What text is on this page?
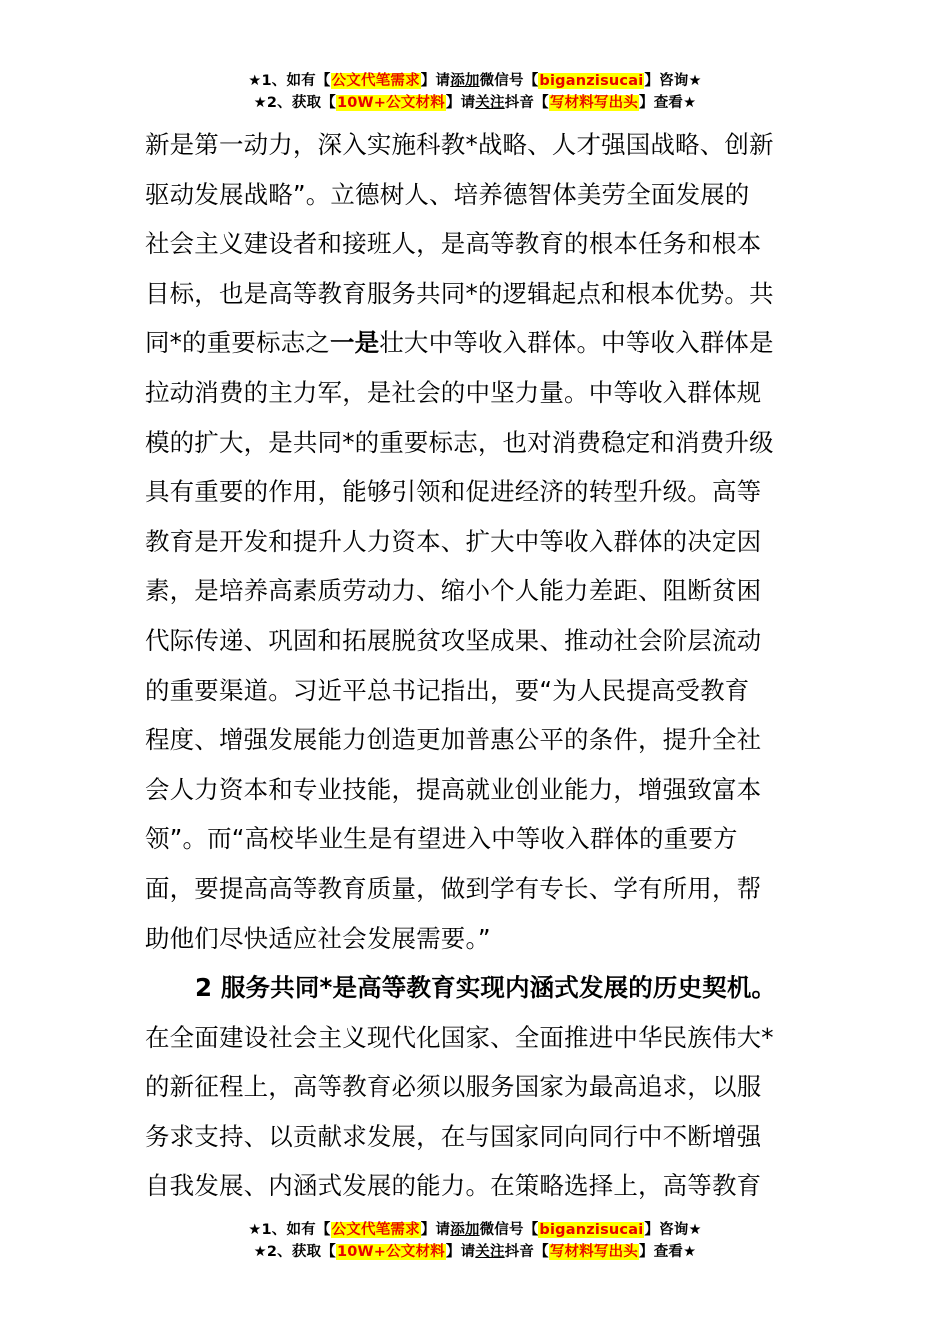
★1、如有【公文代笔需求】请添加微信号【biganzisucai】咨询★
★2、获取【10W+公文材料】请关注抖音【写材料写出头】查看★
新是第一动力，深入实施科教*战略、人才强国战略、创新
驱动发展战略”。立德树人、培养德智体美劳全面发展的
社会主义建设者和接班人，是高等教育的根本任务和根本
目标，也是高等教育服务共同*的逻辑起点和根本优势。共
同*的重要标志之一是壮大中等收入群体。中等收入群体是
拉动消费的主力军，是社会的中坚力量。中等收入群体规
模的扩大，是共同*的重要标志，也对消费稳定和消费升级
具有重要的作用，能够引领和促进经济的转型升级。高等
教育是开发和提升人力资本、扩大中等收入群体的决定因
素，是培养高素质劳动力、缩小个人能力差距、阻断贫困
代际传递、巩固和拓展脱贫攻坚成果、推动社会阶层流动
的重要渠道。习近平总书记指出，要“为人民提高受教育
程度、增强发展能力创造更加普惠公平的条件，提升全社
会人力资本和专业技能，提高就业创业能力，增强致富本
领”。而“高校毕业生是有望进入中等收入群体的重要方
面，要提高高等教育质量，做到学有专长、学有所用，帮
助他们尽快适应社会发展需要。”
2 服务共同*是高等教育实现内涵式发展的历史契机。
在全面建设社会主义现代化国家、全面推进中华民族伟大*
的新征程上，高等教育必须以服务国家为最高追求，以服
务求支持、以贡献求发展，在与国家同向同行中不断增强
自我发展、内涵式发展的能力。在策略选择上，高等教育
★1、如有【公文代笔需求】请添加微信号【biganzisucai】咨询★
★2、获取【10W+公文材料】请关注抖音【写材料写出头】查看★
